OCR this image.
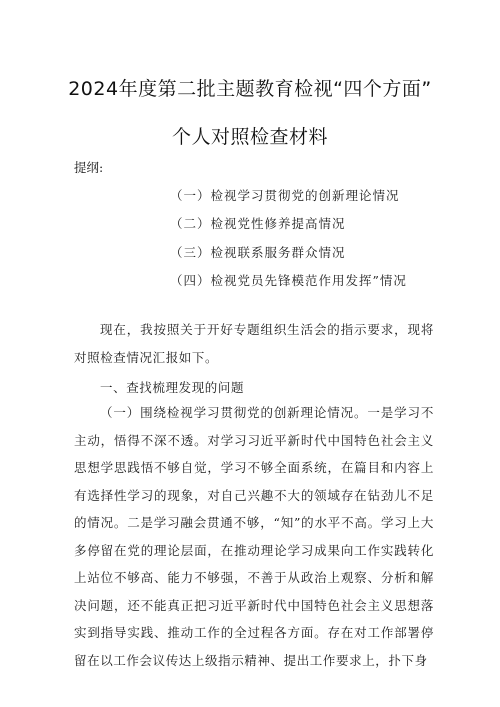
2024年度第二批主题教育检视“四个方面”
个人对照检查材料
提纲:
（一）检视学习贯彻党的创新理论情况
（二）检视党性修养提高情况
（三）检视联系服务群众情况
（四）检视党员先锋模范作用发挥”情况

现在，我按照关于开好专题组织生活会的指示要求，现将对照检查情况汇报如下。

一、查找梳理发现的问题

（一）围绕检视学习贯彻党的创新理论情况。一是学习不主动，悟得不深不透。对学习习近平新时代中国特色社会主义思想学思践悟不够自觉，学习不够全面系统，在篇目和内容上有选择性学习的现象，对自己兴趣不大的领域存在钻劲儿不足的情况。二是学习融会贯通不够，“知”的水平不高。学习上大多停留在党的理论层面，在推动理论学习成果向工作实践转化上站位不够高、能力不够强，不善于从政治上观察、分析和解决问题，还不能真正把习近平新时代中国特色社会主义思想落实到指导实践、推动工作的全过程各方面。存在对工作部署停留在以工作会议传达上级指示精神、提出工作要求上，扑下身
